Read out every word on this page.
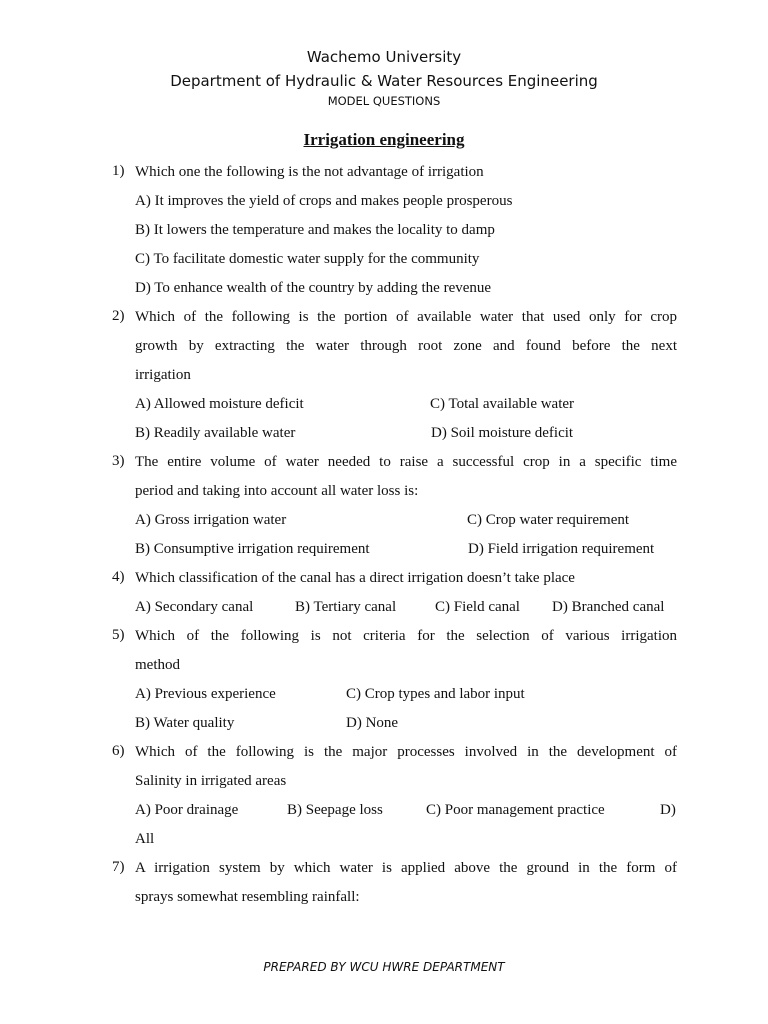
Wachemo University
Department of Hydraulic & Water Resources Engineering
MODEL QUESTIONS
Irrigation engineering
1) Which one the following is the not advantage of irrigation
A) It improves the yield of crops and makes people prosperous
B) It lowers the temperature and makes the locality to damp
C) To facilitate domestic water supply for the community
D) To enhance wealth of the country by adding the revenue
2) Which of the following is the portion of available water that used only for crop
growth by extracting the water through root zone and found before the next
irrigation
A) Allowed moisture deficit	C) Total available water
B) Readily available water	D) Soil moisture deficit
3) The entire volume of water needed to raise a successful crop in a specific time
period and taking into account all water loss is:
A) Gross irrigation water	C) Crop water requirement
B) Consumptive irrigation requirement	D) Field irrigation requirement
4) Which classification of the canal has a direct irrigation doesn’t take place
A) Secondary canal	B) Tertiary canal	C) Field canal D) Branched canal
5) Which of the following is not criteria for the selection of various irrigation
method
A) Previous experience	C) Crop types and labor input
B) Water quality	D) None
6) Which of the following is the major processes involved in the development of
Salinity in irrigated areas
A) Poor drainage	B) Seepage loss	C) Poor management practice	D)
All
7) A irrigation system by which water is applied above the ground in the form of
sprays somewhat resembling rainfall:
PREPARED BY WCU HWRE DEPARTMENT
